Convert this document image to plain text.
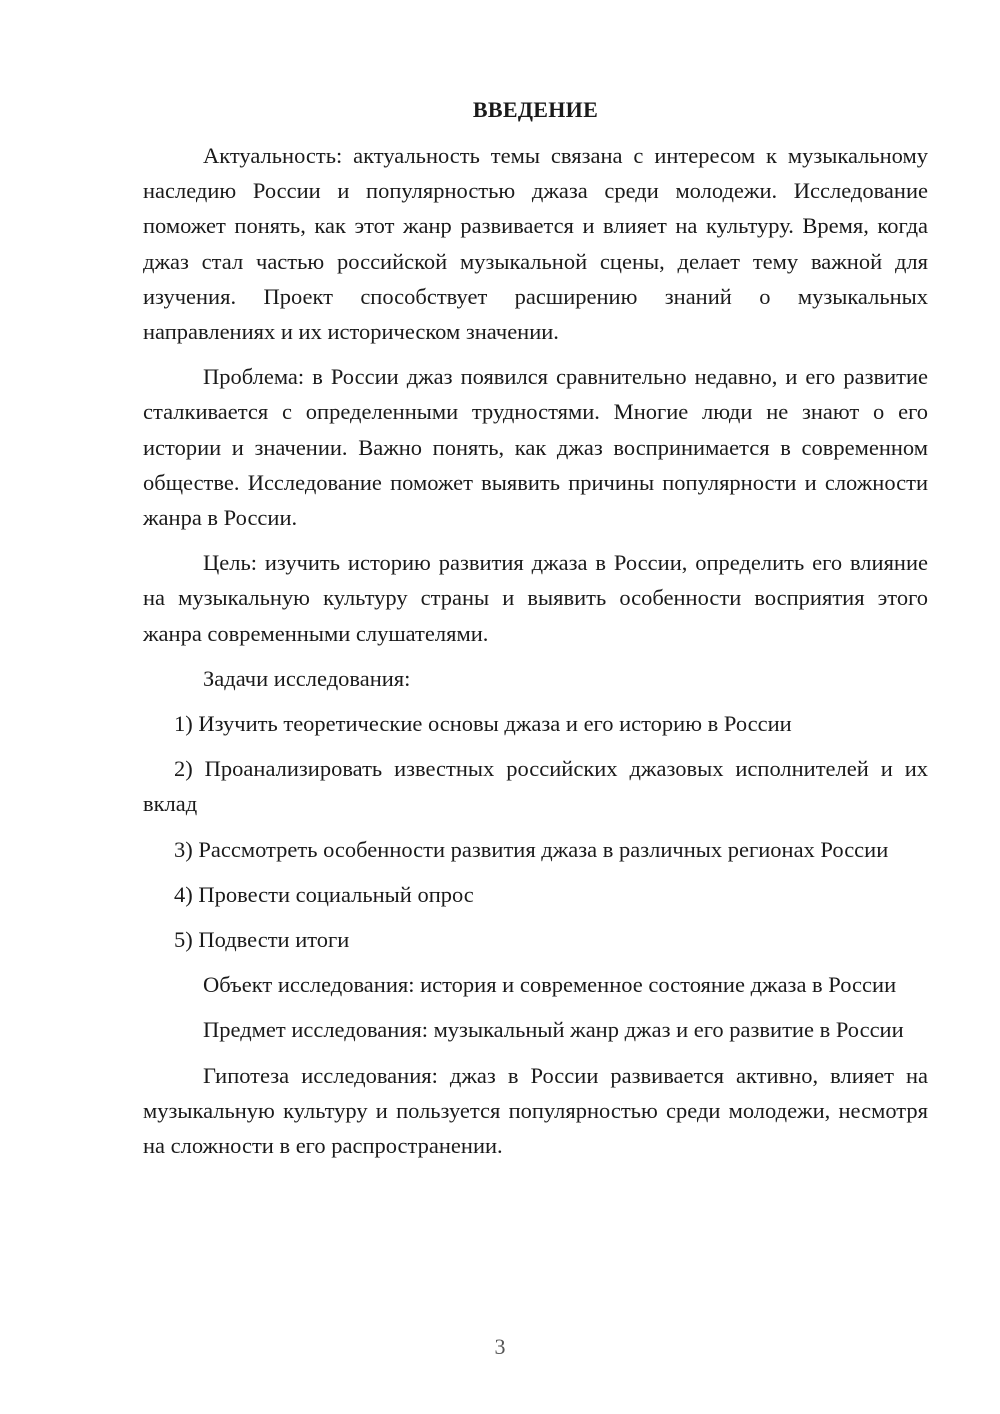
ВВЕДЕНИЕ

Актуальность: актуальность темы связана с интересом к музыкальному наследию России и популярностью джаза среди молодежи. Исследование поможет понять, как этот жанр развивается и влияет на культуру. Время, когда джаз стал частью российской музыкальной сцены, делает тему важной для изучения. Проект способствует расширению знаний о музыкальных направлениях и их историческом значении.

Проблема: в России джаз появился сравнительно недавно, и его развитие сталкивается с определенными трудностями. Многие люди не знают о его истории и значении. Важно понять, как джаз воспринимается в современном обществе. Исследование поможет выявить причины популярности и сложности жанра в России.

Цель: изучить историю развития джаза в России, определить его влияние на музыкальную культуру страны и выявить особенности восприятия этого жанра современными слушателями.

Задачи исследования:

1) Изучить теоретические основы джаза и его историю в России

2) Проанализировать известных российских джазовых исполнителей и их вклад

3) Рассмотреть особенности развития джаза в различных регионах России

4) Провести социальный опрос

5) Подвести итоги

Объект исследования: история и современное состояние джаза в России

Предмет исследования: музыкальный жанр джаз и его развитие в России

Гипотеза исследования: джаз в России развивается активно, влияет на музыкальную культуру и пользуется популярностью среди молодежи, несмотря на сложности в его распространении.

3
